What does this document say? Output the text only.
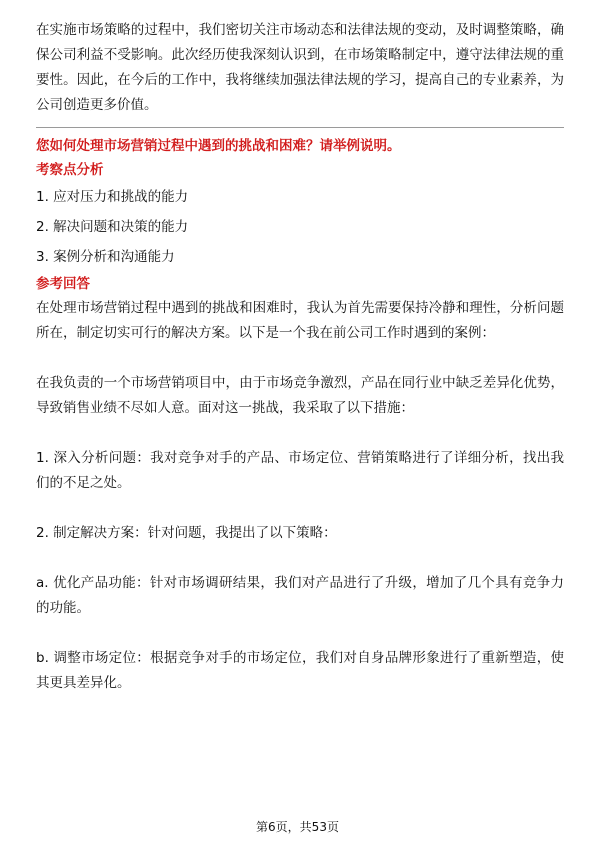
在实施市场策略的过程中，我们密切关注市场动态和法律法规的变动，及时调整策略，确保公司利益不受影响。此次经历使我深刻认识到，在市场策略制定中，遵守法律法规的重要性。因此，在今后的工作中，我将继续加强法律法规的学习，提高自己的专业素养，为公司创造更多价值。

您如何处理市场营销过程中遇到的挑战和困难？请举例说明。

考察点分析

1. 应对压力和挑战的能力

2. 解决问题和决策的能力

3. 案例分析和沟通能力

参考回答

在处理市场营销过程中遇到的挑战和困难时，我认为首先需要保持冷静和理性，分析问题所在，制定切实可行的解决方案。以下是一个我在前公司工作时遇到的案例：

在我负责的一个市场营销项目中，由于市场竞争激烈，产品在同行业中缺乏差异化优势，导致销售业绩不尽如人意。面对这一挑战，我采取了以下措施：

1. 深入分析问题：我对竞争对手的产品、市场定位、营销策略进行了详细分析，找出我们的不足之处。

2. 制定解决方案：针对问题，我提出了以下策略：

a. 优化产品功能：针对市场调研结果，我们对产品进行了升级，增加了几个具有竞争力的功能。

b. 调整市场定位：根据竞争对手的市场定位，我们对自身品牌形象进行了重新塑造，使其更具差异化。

第6页，共53页
